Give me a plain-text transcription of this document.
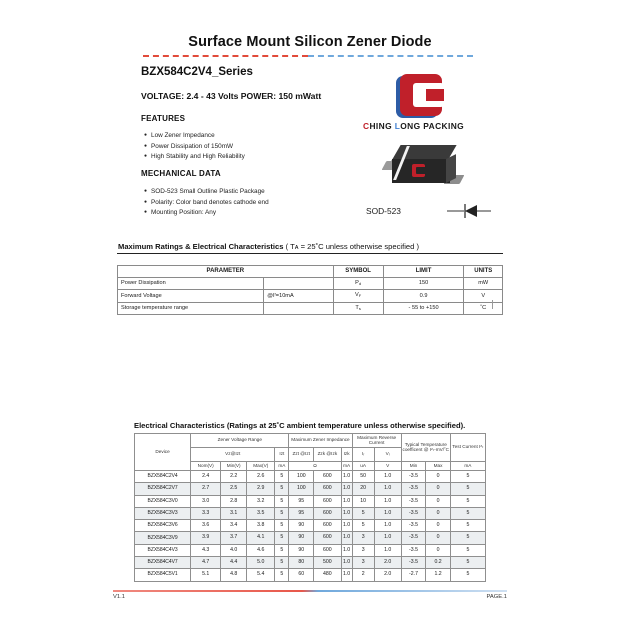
Surface Mount Silicon Zener Diode
BZX584C2V4_Series
VOLTAGE: 2.4 - 43 Volts POWER: 150 mWatt
FEATURES
● Low Zener Impedance
● Power Dissipation of 150mW
● High Stability and High Reliability
MECHANICAL DATA
● SOD-523 Small Outline Plastic Package
● Polarity: Color band denotes cathode end
● Mounting Position: Any
CHING LONG PACKING
SOD-523
Maximum Ratings & Electrical Characteristics ( Tᴀ = 25˚C unless otherwise specified )
PARAMETER		SYMBOL	LIMIT	UNITS
Power Dissipation		$P_d$	150	mW
Forward Voltage	@Iᶠ=10mA	$V_F$	0.9	V
Storage temperature range		$T_s$	- 55 to +150	˚C
Electrical Characteristics (Ratings at 25˚C ambient temperature unless otherwise specified).
Device	Zener Voltage Range				Maximum Zener Impedance			Maximum Reverse Current		Typical Temperature coefficent @ Iᶻₜ-mV/˚C		Test Current Iᶻₜ
	Vz@Izt			Izt	Zzt @Izt	Zzk @Izk	Izk	Iᵣ	Vᵣ			
	Nom(V)	Min(V)	Max(V)	mA	Ω		mA	uA	V	Min	Max	mA
BZX584C2V4	2.4	2.2	2.6	5	100	600	1.0	50	1.0	-3.5	0	5
BZX584C2V7	2.7	2.5	2.9	5	100	600	1.0	20	1.0	-3.5	0	5
BZX584C3V0	3.0	2.8	3.2	5	95	600	1.0	10	1.0	-3.5	0	5
BZX584C3V3	3.3	3.1	3.5	5	95	600	1.0	5	1.0	-3.5	0	5
BZX584C3V6	3.6	3.4	3.8	5	90	600	1.0	5	1.0	-3.5	0	5
BZX584C3V9	3.9	3.7	4.1	5	90	600	1.0	3	1.0	-3.5	0	5
BZX584C4V3	4.3	4.0	4.6	5	90	600	1.0	3	1.0	-3.5	0	5
BZX584C4V7	4.7	4.4	5.0	5	80	500	1.0	3	2.0	-3.5	0.2	5
BZX584C5V1	5.1	4.8	5.4	5	60	480	1.0	2	2.0	-2.7	1.2	5
V1.1	PAGE.1
